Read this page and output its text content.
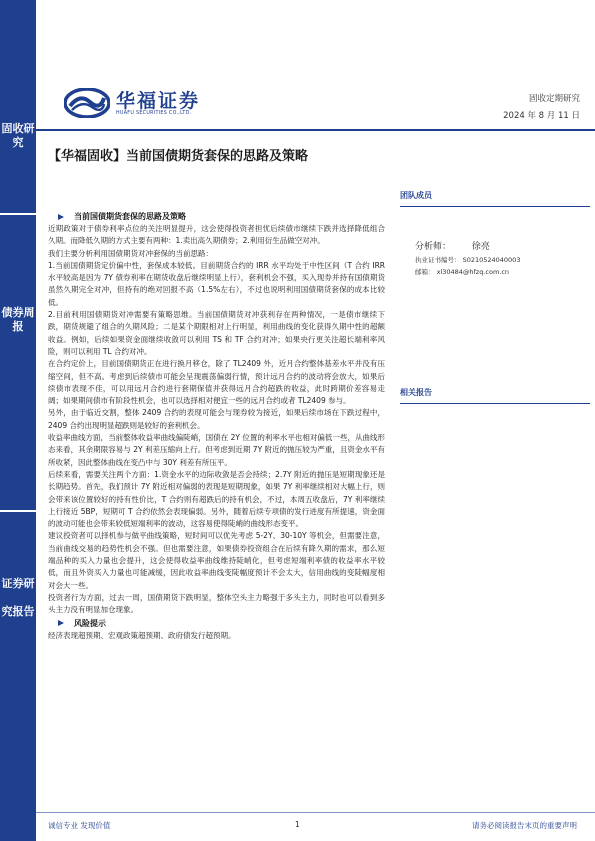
固收研究
债券周报
证券研究报告
华福证券
HUAFU SECURITIES CO.,LTD.
固收定期研究
2024 年 8 月 11 日
【华福固收】当前国债期货套保的思路及策略
当前国债期货套保的思路及策略

近期政策对于债券利率点位的关注明显提升，这会使得投资者担忧后续债市继续下跌并选择降低组合久期。而降低久期的方式主要有两种：1.卖出高久期债券；2.利用衍生品做空对冲。

我们主要分析利用国债期货对冲套保的当前思路：

1.当前国债期货定价偏中性，套保成本较低。目前期货合约的 IRR 水平均处于中性区间（T 合约 IRR 水平较高是因为 7Y 债券利率在期货收盘后继续明显上行），套利机会不强，买入现券并持有国债期货虽然久期完全对冲，但持有的绝对回报不高（1.5%左右），不过也说明利用国债期货套保的成本比较低。

2.目前利用国债期货对冲需要有策略思维。当前国债期货对冲获利存在两种情况，一是债市继续下跌，期货规避了组合的久期风险；二是某个期限相对上行明显，利用曲线的变化获得久期中性的超额收益。例如，后续如果资金面继续收敛可以利用 TS 和 TF 合约对冲；如果央行更关注超长端利率风险，则可以利用 TL 合约对冲。

在合约定价上，目前国债期货正在进行换月移仓，除了 TL2409 外，近月合约整体基差水平并没有压缩空间，但不高。考虑到后续债市可能会呈现震荡偏弱行情，预计远月合约的波动将会放大，如果后续债市表现不佳，可以用远月合约进行套期保值并获得远月合约超跌的收益，此时跨期价差容易走阔；如果期间债市有阶段性机会，也可以选择相对便宜一些的远月合约或者 TL2409 参与。

另外，由于临近交割，整体 2409 合约的表现可能会与现券较为接近，如果后续市场在下跌过程中，2409 合约出现明显超跌则是较好的套利机会。

收益率曲线方面，当前整体收益率曲线偏陡峭，国债在 2Y 位置的利率水平也相对偏低一些，从曲线形态来看，其余期限容易与 2Y 利差压缩向上行。但考虑到近期 7Y 附近的抛压较为严重，且资金水平有所收紧，因此整体曲线在变凸中与 30Y 利差有所压平。

后续来看，需要关注两个方面：1.资金水平的边际收敛是否会持续；2.7Y 附近的抛压是短期现象还是长期趋势。首先，我们预计 7Y 附近相对偏弱的表现是短期现象，如果 7Y 利率继续相对大幅上行，则会带来该位置较好的持有性价比，T 合约则有超跌后的持有机会，不过，本周五收盘后，7Y 利率继续上行接近 5BP，短期可 T 合约依然会表现偏弱。另外，随着后续专项债的发行进度有所提速，资金面的波动可能也会带来较低短端利率的波动，这容易使得陡峭的曲线形态变平。

建议投资者可以择机参与做平曲线策略，短时间可以优先考虑 5-2Y、30-10Y 等机会，但需要注意，当前曲线交易的趋势性机会不强。但也需要注意，如果债券投资组合在后续有降久期的需求，那么短端品种的买入力量也会提升，这会使得收益率曲线维持陡峭化，但考虑短端利率债的收益率水平较低，而且外资买入力量也可能减缓，因此收益率曲线变陡幅度预计不会太大，信用曲线的变陡幅度相对会大一些。

投资者行为方面，过去一周，国债期货下跌明显，整体空头主力略强于多头主力，同时也可以看到多头主力没有明显加仓现象。

风险提示

经济表现超预期、宏观政策超预期、政府债发行超预期。

团队成员
分析师： 徐亮
执业证书编号： S0210524040003
邮箱： xl30484@hfzq.com.cn
相关报告
诚信专业 发现价值	1	请务必阅读报告末页的重要声明
